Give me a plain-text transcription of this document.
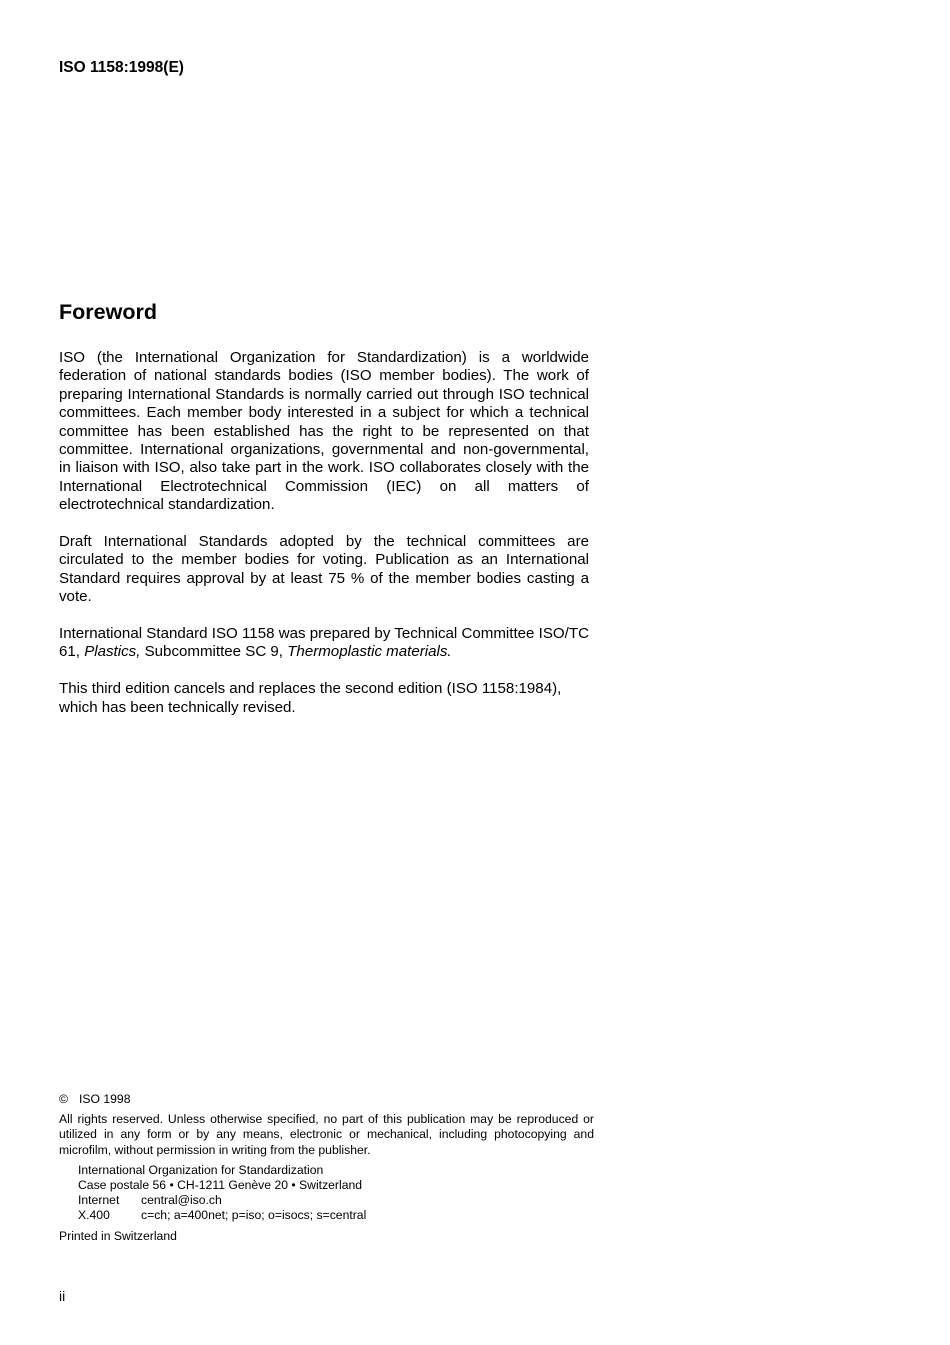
ISO 1158:1998(E)
Foreword

ISO (the International Organization for Standardization) is a worldwide federation of national standards bodies (ISO member bodies). The work of preparing International Standards is normally carried out through ISO technical committees. Each member body interested in a subject for which a technical committee has been established has the right to be represented on that committee. International organizations, governmental and non-governmental, in liaison with ISO, also take part in the work. ISO collaborates closely with the International Electrotechnical Commission (IEC) on all matters of electrotechnical standardization.

Draft International Standards adopted by the technical committees are circulated to the member bodies for voting. Publication as an International Standard requires approval by at least 75 % of the member bodies casting a vote.

International Standard ISO 1158 was prepared by Technical Committee ISO/TC 61, Plastics, Subcommittee SC 9, Thermoplastic materials.

This third edition cancels and replaces the second edition (ISO 1158:1984), which has been technically revised.

© ISO 1998
All rights reserved. Unless otherwise specified, no part of this publication may be reproduced or utilized in any form or by any means, electronic or mechanical, including photocopying and microfilm, without permission in writing from the publisher.
International Organization for Standardization
Case postale 56 • CH-1211 Genève 20 • Switzerland
Internet central@iso.ch
X.400	c=ch; a=400net; p=iso; o=isocs; s=central
Printed in Switzerland
ii
